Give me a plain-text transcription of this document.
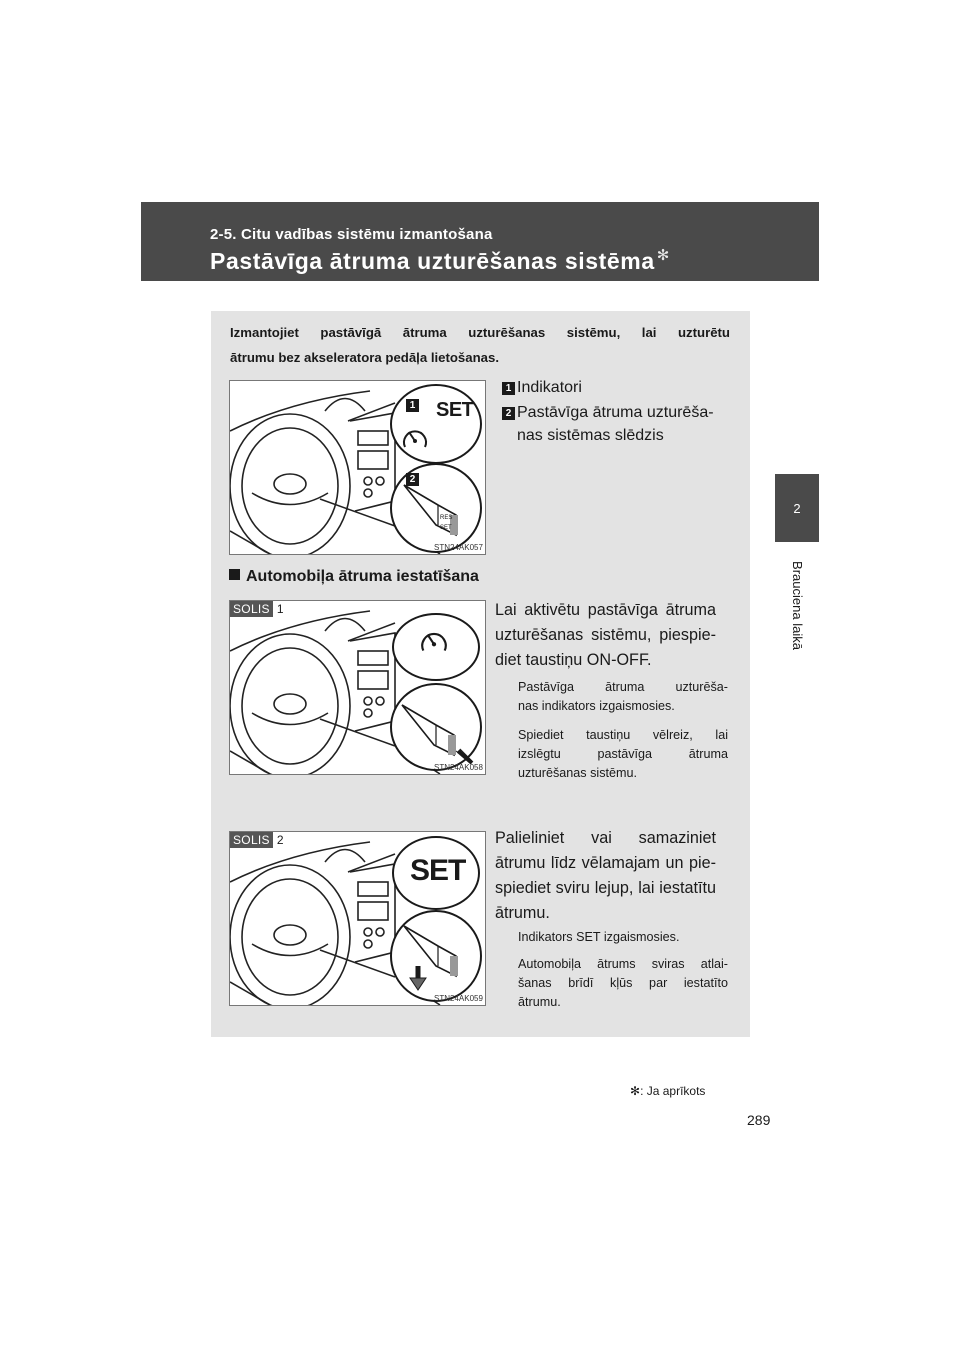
2-5. Citu vadības sistēmu izmantošana
Pastāvīga ātruma uzturēšanas sistēma ✻
2
Brauciena laikā
Izmantojiet pastāvīgā ātruma uzturēšanas sistēmu, lai uzturētu
ātrumu bez akseleratora pedāļa lietošanas.
SET
RES
SET
1
2
STN24AK057
1 Indikatori
2 Pastāvīga ātruma uzturēša-
nas sistēmas slēdzis
Automobiļa ātruma iestatīšana
SOLIS 1
STN24AK058
Lai aktivētu pastāvīga ātruma
uzturēšanas sistēmu, piespie-
diet taustiņu ON-OFF.
Pastāvīga ātruma uzturēša-
nas indikators izgaismosies.
Spiediet taustiņu vēlreiz, lai
izslēgtu pastāvīga ātruma
uzturēšanas sistēmu.
SET
SOLIS 2
STN24AK059
Palieliniet vai samaziniet
ātrumu līdz vēlamajam un pie-
spiediet sviru lejup, lai iestatītu
ātrumu.
Indikators SET izgaismosies.
Automobiļa ātrums sviras atlai-
šanas brīdī kļūs par iestatīto
ātrumu.
✻: Ja aprīkots
289
